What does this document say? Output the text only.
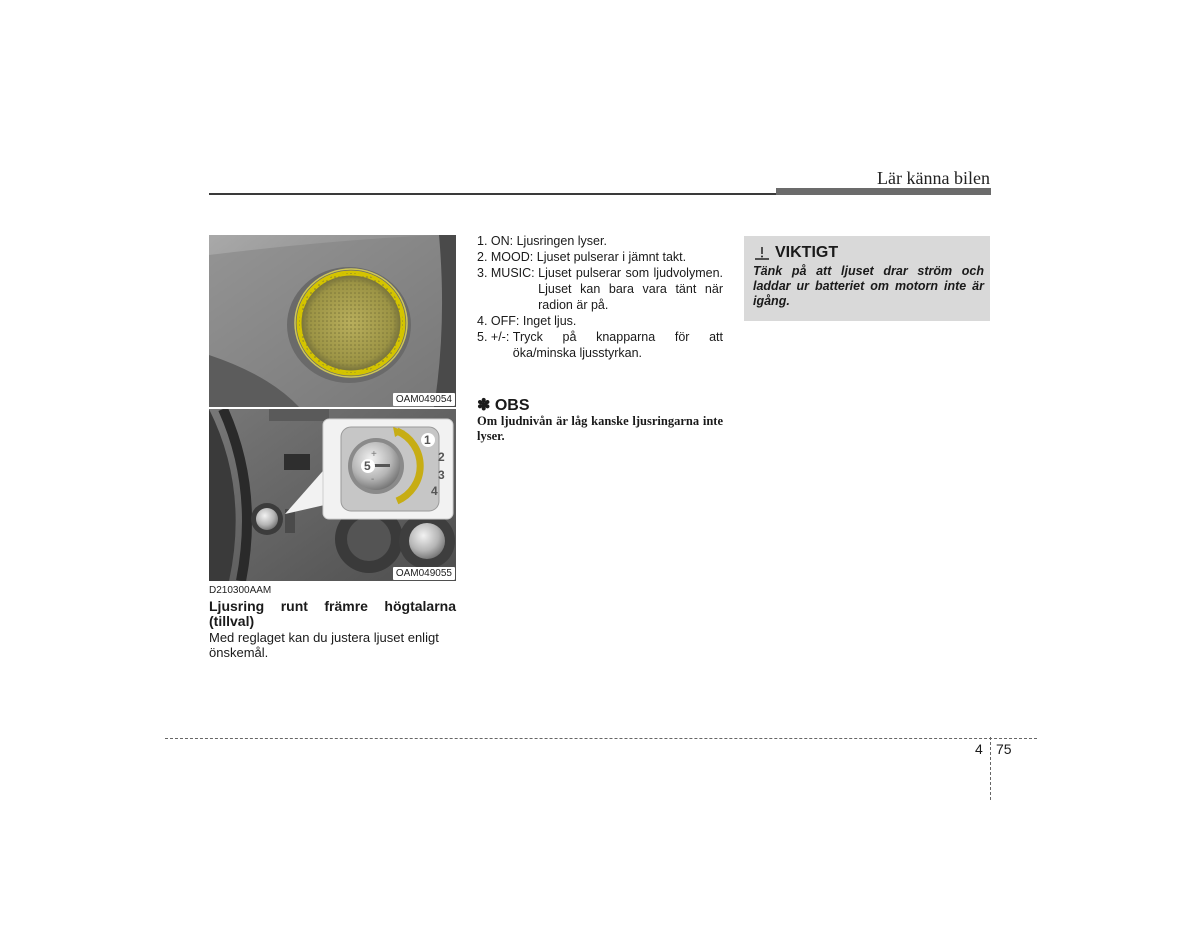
Lär känna bilen
OAM049054
+
-
1
2
3
4
5
OAM049055
D210300AAM
Ljusring runt främre högtalarna (tillval)
Med reglaget kan du justera ljuset enligt önskemål.
1. ON:
Ljusringen lyser.

2. MOOD:
Ljuset pulserar i jämnt takt.

3. MUSIC:
Ljuset pulserar som ljudvolymen.

Ljuset kan bara vara tänt när radion är på.

4. OFF:
Inget ljus.

5. +/-:
Tryck på knapparna för att öka/minska ljusstyrkan.

✽ OBS
Om ljudnivån är låg kanske ljusringarna inte lyser.
VIKTIGT
Tänk på att ljuset drar ström och laddar ur batteriet om motorn inte är igång.
4 75
